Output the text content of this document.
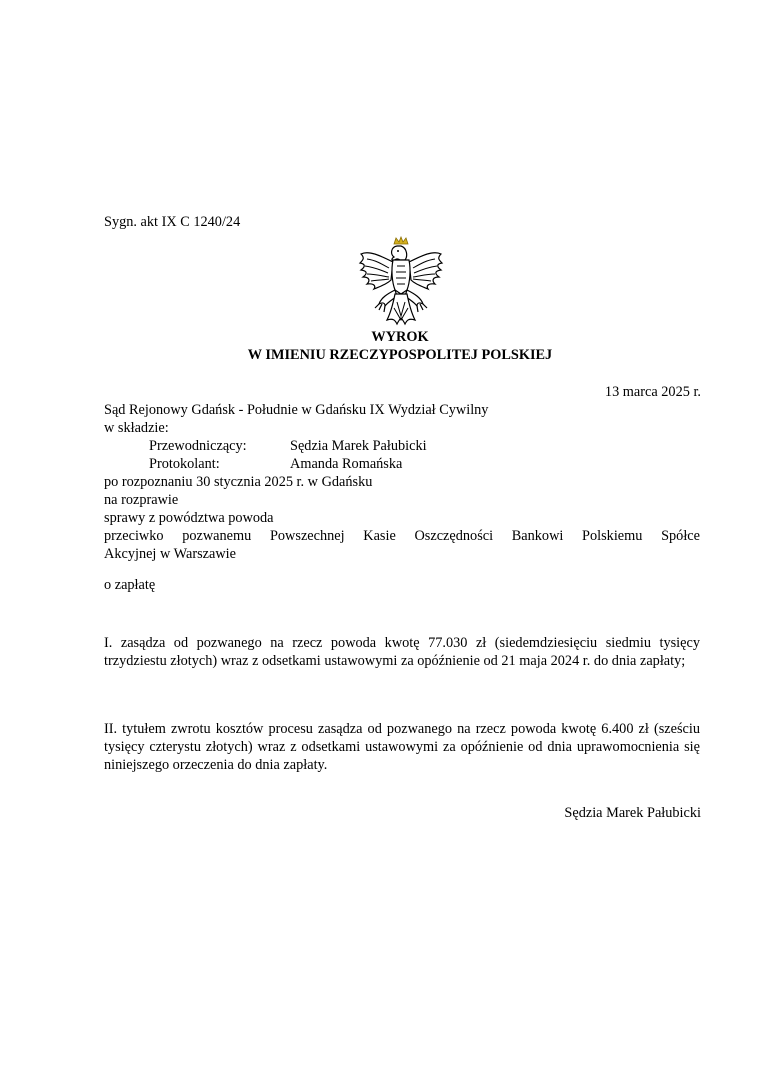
Sygn. akt IX C 1240/24
WYROK
W IMIENIU RZECZYPOSPOLITEJ POLSKIEJ
13 marca 2025 r.
Sąd Rejonowy Gdańsk - Południe w Gdańsku IX Wydział Cywilny
w składzie:
Przewodniczący:	Sędzia Marek Pałubicki
Protokolant:	Amanda Romańska
po rozpoznaniu 30 stycznia 2025 r. w Gdańsku
na rozprawie
sprawy z powództwa powoda
przeciwko pozwanemu Powszechnej Kasie Oszczędności Bankowi Polskiemu Spółce
Akcyjnej w Warszawie
o zapłatę
I. zasądza od pozwanego na rzecz powoda kwotę 77.030 zł (siedemdziesięciu siedmiu tysięcy trzydziestu złotych) wraz z odsetkami ustawowymi za opóźnienie od 21 maja 2024 r. do dnia zapłaty;
II. tytułem zwrotu kosztów procesu zasądza od pozwanego na rzecz powoda kwotę 6.400 zł (sześciu tysięcy czterystu złotych) wraz z odsetkami ustawowymi za opóźnienie od dnia uprawomocnienia się niniejszego orzeczenia do dnia zapłaty.
Sędzia Marek Pałubicki
